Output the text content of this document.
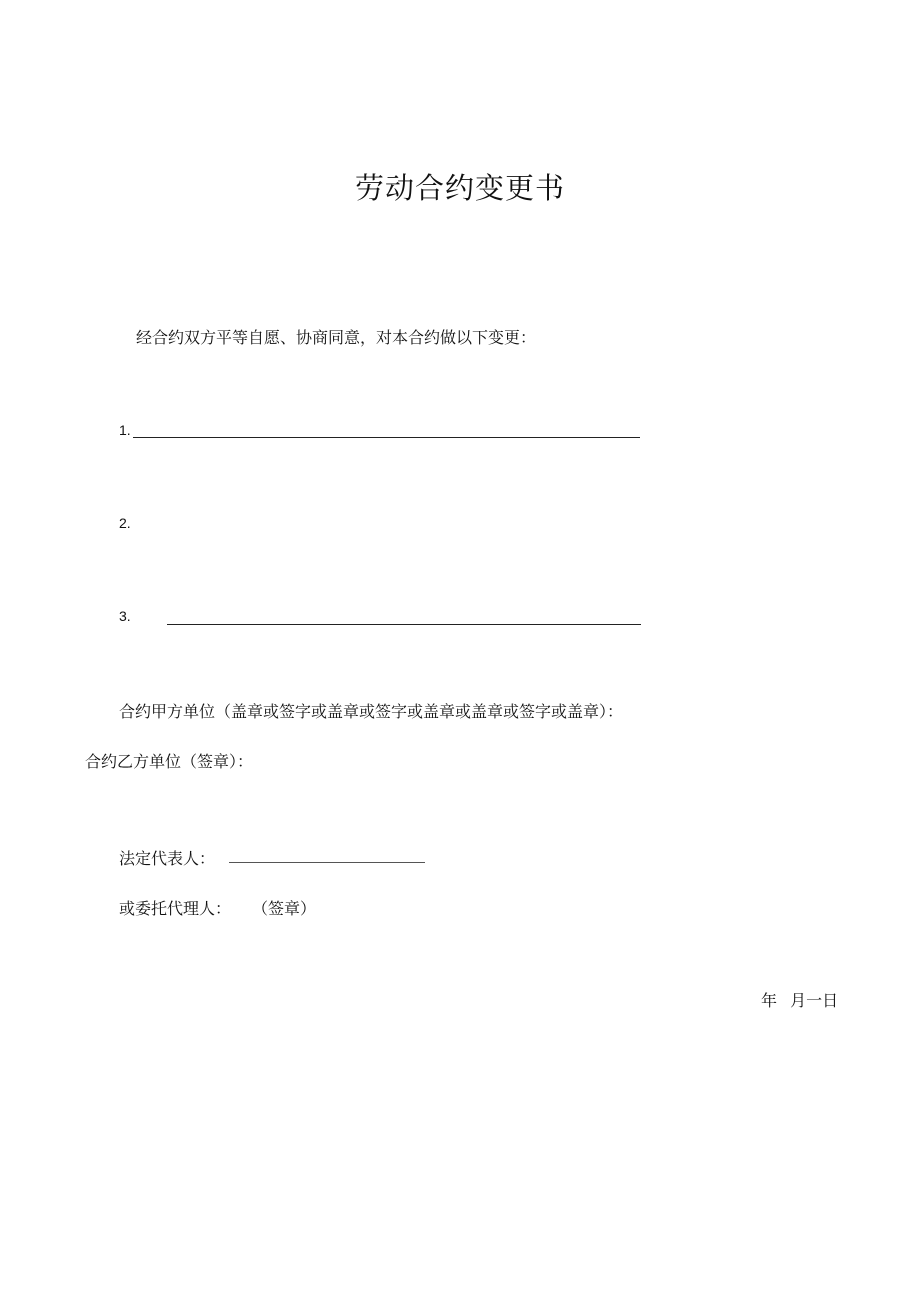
劳动合约变更书
经合约双方平等自愿、协商同意，对本合约做以下变更：
1.
2.
3.
合约甲方单位（盖章或签字或盖章或签字或盖章或盖章或签字或盖章）：
合约乙方单位（签章）：
法定代表人：
或委托代理人： （签章）
年 月一日
